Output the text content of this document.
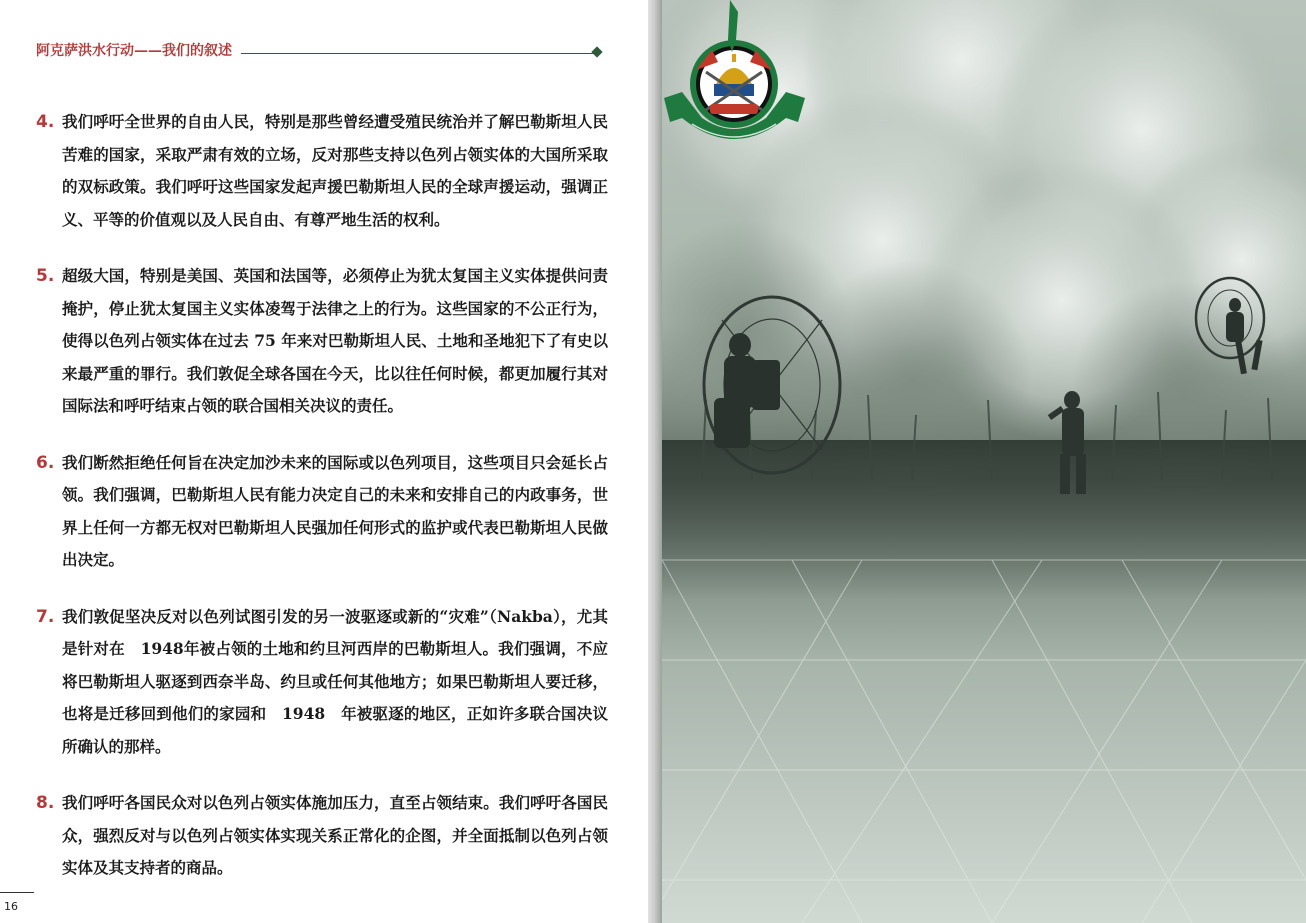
阿克萨洪水行动——我们的叙述
4. 我们呼吁全世界的自由人民，特别是那些曾经遭受殖民统治并了解巴勒斯坦人民苦难的国家，采取严肃有效的立场，反对那些支持以色列占领实体的大国所采取的双标政策。我们呼吁这些国家发起声援巴勒斯坦人民的全球声援运动，强调正义、平等的价值观以及人民自由、有尊严地生活的权利。
5. 超级大国，特别是美国、英国和法国等，必须停止为犹太复国主义实体提供问责掩护，停止犹太复国主义实体凌驾于法律之上的行为。这些国家的不公正行为，使得以色列占领实体在过去 75 年来对巴勒斯坦人民、土地和圣地犯下了有史以来最严重的罪行。我们敦促全球各国在今天，比以往任何时候，都更加履行其对国际法和呼吁结束占领的联合国相关决议的责任。
6. 我们断然拒绝任何旨在决定加沙未来的国际或以色列项目，这些项目只会延长占领。我们强调，巴勒斯坦人民有能力决定自己的未来和安排自己的内政事务，世界上任何一方都无权对巴勒斯坦人民强加任何形式的监护或代表巴勒斯坦人民做出决定。
7. 我们敦促坚决反对以色列试图引发的另一波驱逐或新的“灾难”（Nakba），尤其是针对在　1948年被占领的土地和约旦河西岸的巴勒斯坦人。我们强调，不应将巴勒斯坦人驱逐到西奈半岛、约旦或任何其他地方；如果巴勒斯坦人要迁移，也将是迁移回到他们的家园和　1948　年被驱逐的地区，正如许多联合国决议所确认的那样。
8. 我们呼吁各国民众对以色列占领实体施加压力，直至占领结束。我们呼吁各国民众，强烈反对与以色列占领实体实现关系正常化的企图，并全面抵制以色列占领实体及其支持者的商品。
16
